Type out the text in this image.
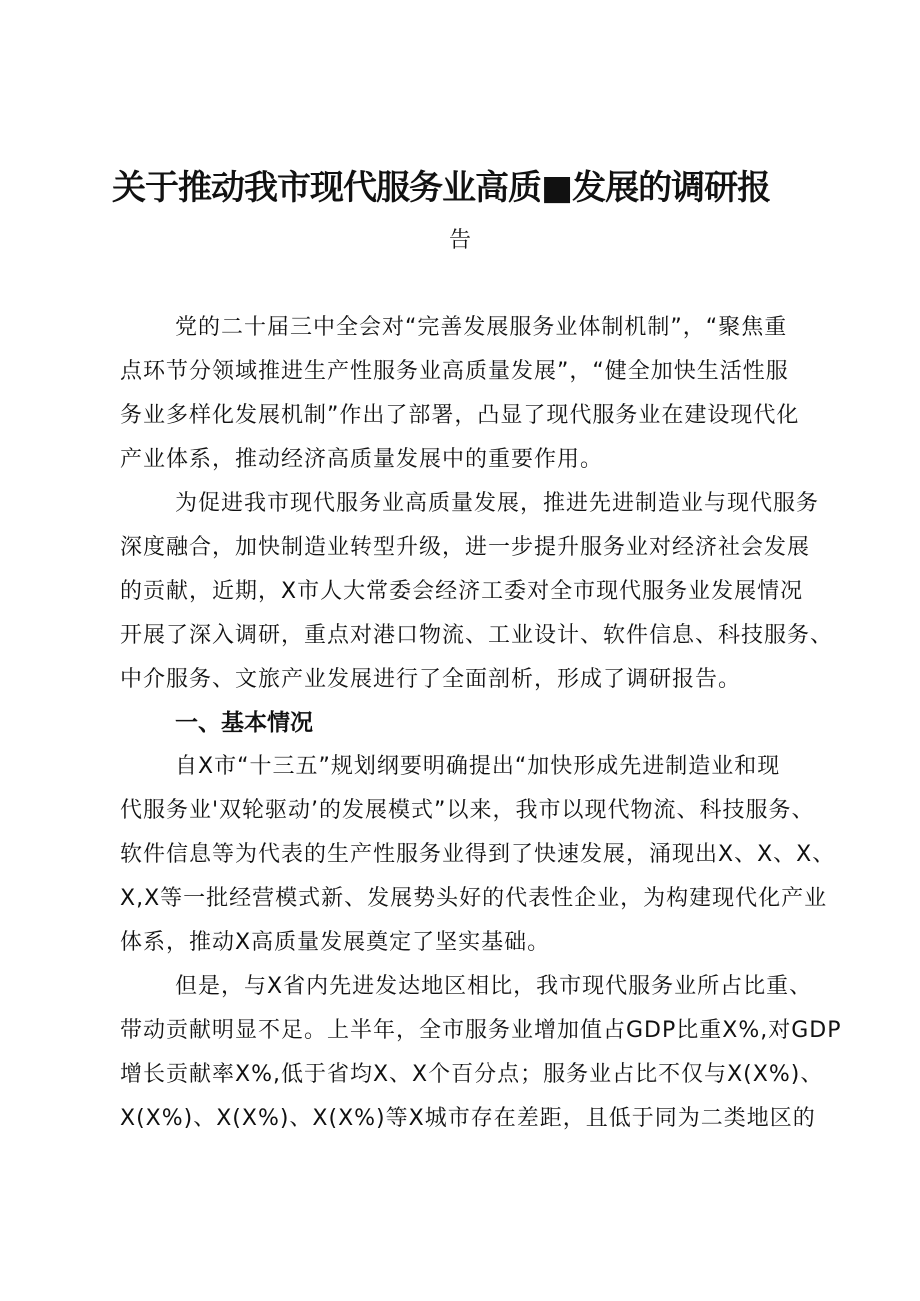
关于推动我市现代服务业高质■发展的调研报
告
党的二十届三中全会对“完善发展服务业体制机制”，“聚焦重
点环节分领域推进生产性服务业高质量发展”，“健全加快生活性服
务业多样化发展机制”作出了部署，凸显了现代服务业在建设现代化
产业体系，推动经济高质量发展中的重要作用。
为促进我市现代服务业高质量发展，推进先进制造业与现代服务
深度融合，加快制造业转型升级，进一步提升服务业对经济社会发展
的贡献，近期，X市人大常委会经济工委对全市现代服务业发展情况
开展了深入调研，重点对港口物流、工业设计、软件信息、科技服务、
中介服务、文旅产业发展进行了全面剖析，形成了调研报告。
一、基本情况
自X市“十三五”规划纲要明确提出“加快形成先进制造业和现
代服务业'双轮驱动’的发展模式”以来，我市以现代物流、科技服务、
软件信息等为代表的生产性服务业得到了快速发展，涌现出X、X、X、
X,X等一批经营模式新、发展势头好的代表性企业，为构建现代化产业
体系，推动X高质量发展奠定了坚实基础。
但是，与X省内先进发达地区相比，我市现代服务业所占比重、
带动贡献明显不足。上半年，全市服务业增加值占GDP比重X%,对GDP
增长贡献率X%,低于省均X、X个百分点；服务业占比不仅与X(X%)、
X(X%)、X(X%)、X(X%)等X城市存在差距，且低于同为二类地区的
